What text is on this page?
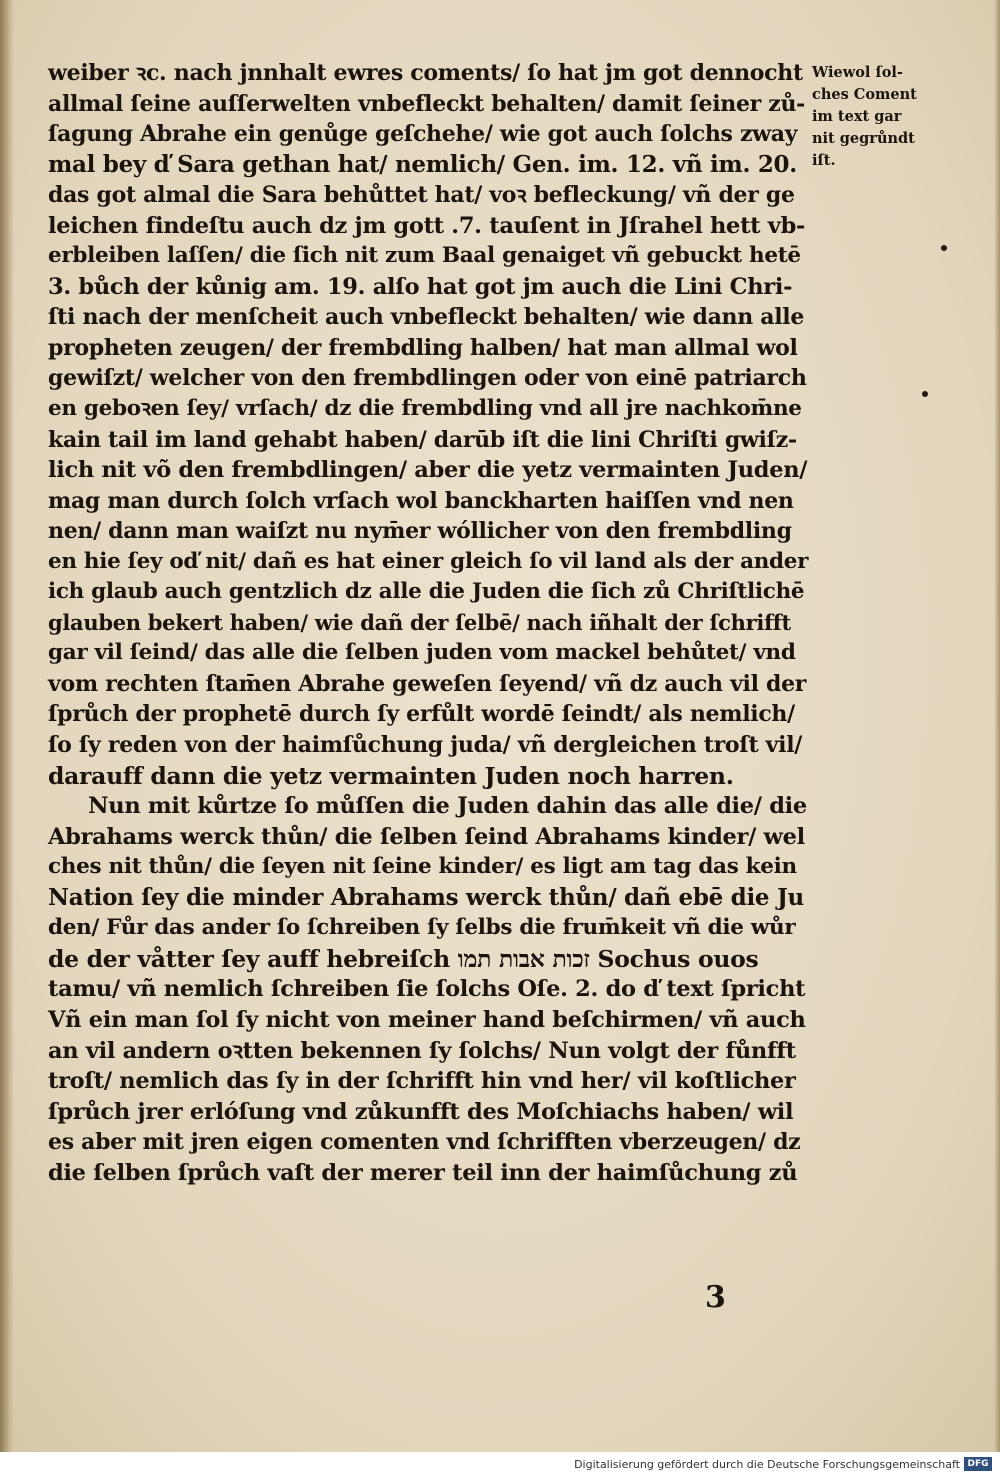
weiber ꝛc. nach jnnhalt ewres coments/ ſo hat jm got dennocht
allmal ſeine auſſerwelten vnbefleckt behalten/ damit ſeiner zů-
ſagung Abrahe ein genůge geſchehe/ wie got auch ſolchs zway
mal bey ď Sara gethan hat/ nemlich/ Gen. im. 12. vñ im. 20.
das got almal die Sara behůttet hat/ voꝛ befleckung/ vñ der ge
leichen findeſtu auch dz jm gott .7. tauſent in Jſrahel hett vb-
erbleiben laſſen/ die ſich nit zum Baal genaiget vñ gebuckt hetē
3. bůch der kůnig am. 19. alſo hat got jm auch die Lini Chri-
ſti nach der menſcheit auch vnbefleckt behalten/ wie dann alle
propheten zeugen/ der frembdling halben/ hat man allmal wol
gewiſzt/ welcher von den frembdlingen oder von einē patriarch
en geboꝛen ſey/ vrſach/ dz die frembdling vnd all jre nachkom̄ne
kain tail im land gehabt haben/ darūb iſt die lini Chriſti gwiſz-
lich nit võ den frembdlingen/ aber die yetz vermainten Juden/
mag man durch ſolch vrſach wol banckharten haiſſen vnd nen
nen/ dann man waiſzt nu nym̄er wóllicher von den frembdling
en hie ſey oď nit/ dañ es hat einer gleich ſo vil land als der ander
ich glaub auch gentzlich dz alle die Juden die ſich zů Chriſtlichē
glauben bekert haben/ wie dañ der ſelbē/ nach iñhalt der ſchrifft
gar vil ſeind/ das alle die ſelben juden vom mackel behůtet/ vnd
vom rechten ſtam̄en Abrahe geweſen ſeyend/ vñ dz auch vil der
ſprůch der prophetē durch ſy erfůlt wordē ſeindt/ als nemlich/
ſo ſy reden von der haimſůchung juda/ vñ dergleichen troſt vil/
darauff dann die yetz vermainten Juden noch harren.
Nun mit kůrtze ſo můſſen die Juden dahin das alle die/ die
Abrahams werck thůn/ die ſelben ſeind Abrahams kinder/ wel
ches nit thůn/ die ſeyen nit ſeine kinder/ es ligt am tag das kein
Nation ſey die minder Abrahams werck thůn/ dañ ebē die Ju
den/ Fůr das ander ſo ſchreiben ſy ſelbs die frum̄keit vñ die wůr
de der våtter ſey auff hebreiſch זכות אבות תמו Sochus ouos
tamu/ vñ nemlich ſchreiben ſie ſolchs Oſe. 2. do ď text ſpricht
Vñ ein man ſol ſy nicht von meiner hand beſchirmen/ vñ auch
an vil andern oꝛtten bekennen ſy ſolchs/ Nun volgt der fůnfft
troſt/ nemlich das ſy in der ſchrifft hin vnd her/ vil koſtlicher
ſprůch jrer erlóſung vnd zůkunfft des Moſchiachs haben/ wil
es aber mit jren eigen comenten vnd ſchrifften vberzeugen/ dz
die ſelben ſprůch vaſt der merer teil inn der haimſůchung zů
Wiewol ſol-
ches Coment
im text gar
nit gegrůndt
iſt.
3
Digitalisierung gefördert durch die Deutsche Forschungsgemeinschaft DFG
